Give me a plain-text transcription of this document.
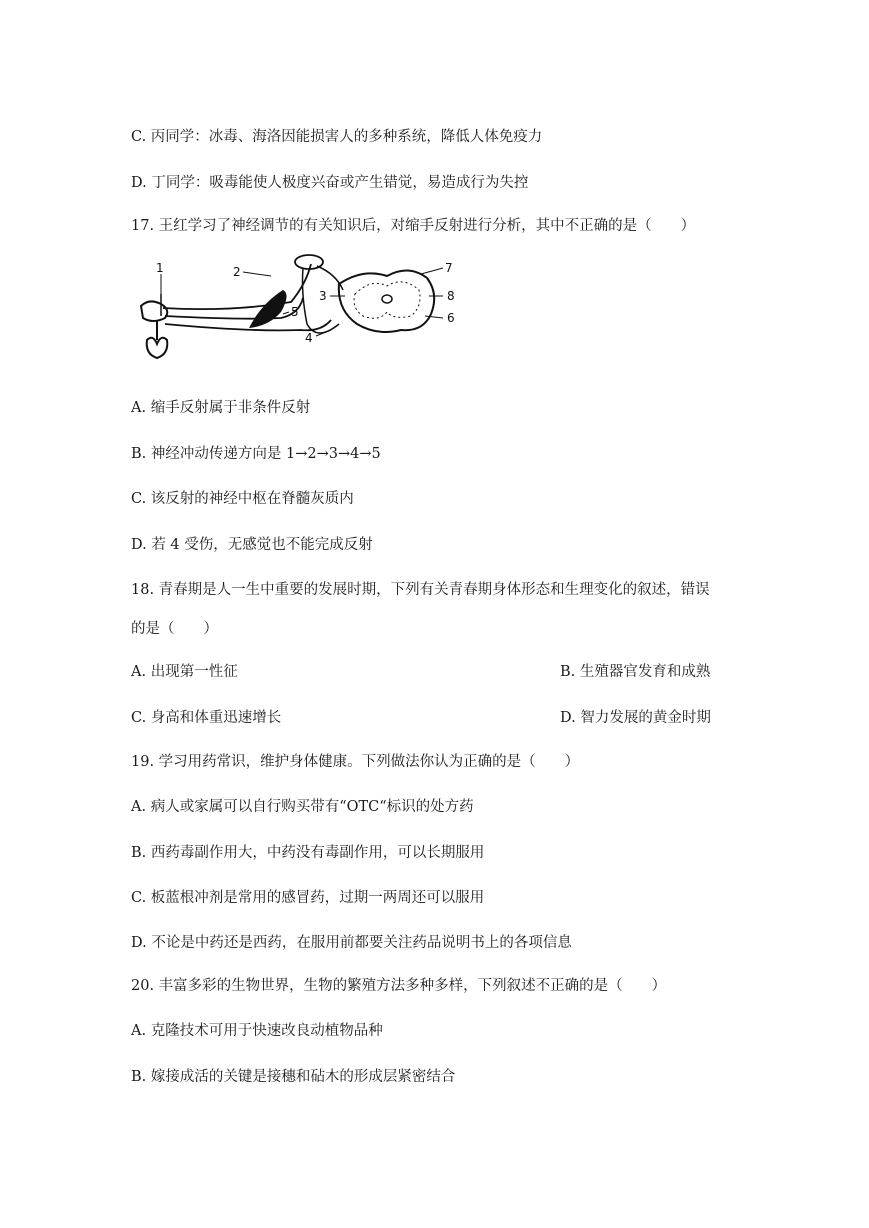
C. 丙同学：冰毒、海洛因能损害人的多种系统，降低人体免疫力
D. 丁同学：吸毒能使人极度兴奋或产生错觉，易造成行为失控
17. 王红学习了神经调节的有关知识后，对缩手反射进行分析，其中不正确的是（　　）
1	2
3
4
5	6
7
8
A. 缩手反射属于非条件反射
B. 神经冲动传递方向是 1→2→3→4→5
C. 该反射的神经中枢在脊髓灰质内
D. 若 4 受伤，无感觉也不能完成反射
18. 青春期是人一生中重要的发展时期，下列有关青春期身体形态和生理变化的叙述，错误
的是（　　）
A. 出现第一性征	B. 生殖器官发育和成熟
C. 身高和体重迅速增长	D. 智力发展的黄金时期
19. 学习用药常识，维护身体健康。下列做法你认为正确的是（　　）
A. 病人或家属可以自行购买带有“OTC“标识的处方药
B. 西药毒副作用大，中药没有毒副作用，可以长期服用
C. 板蓝根冲剂是常用的感冒药，过期一两周还可以服用
D. 不论是中药还是西药，在服用前都要关注药品说明书上的各项信息
20. 丰富多彩的生物世界，生物的繁殖方法多种多样，下列叙述不正确的是（　　）
A. 克隆技术可用于快速改良动植物品种
B. 嫁接成活的关键是接穗和砧木的形成层紧密结合
